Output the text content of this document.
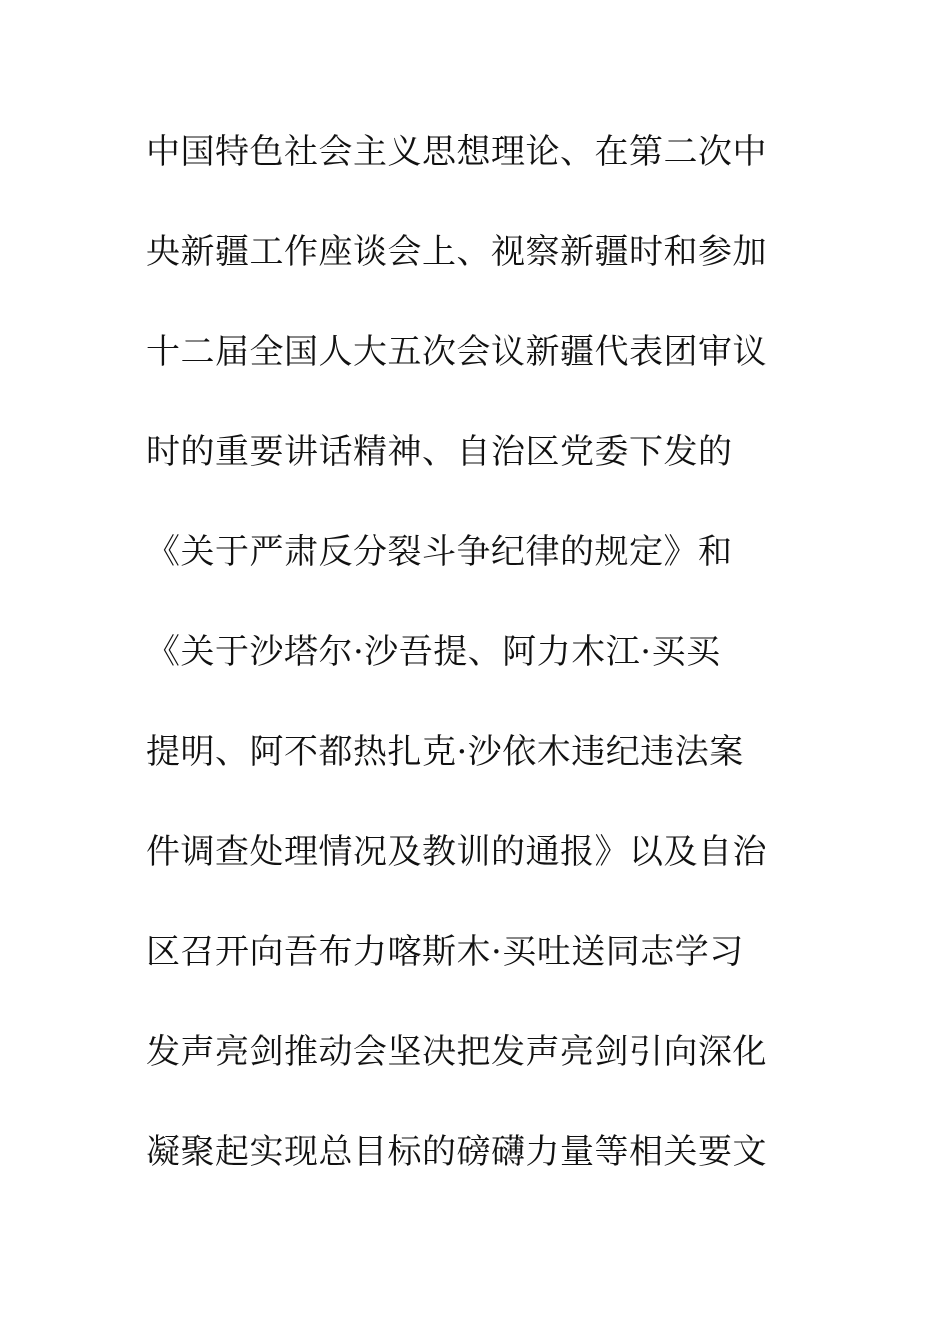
中国特色社会主义思想理论、在第二次中
央新疆工作座谈会上、视察新疆时和参加
十二届全国人大五次会议新疆代表团审议
时的重要讲话精神、自治区党委下发的
《关于严肃反分裂斗争纪律的规定》和
《关于沙塔尔·沙吾提、阿力木江·买买
提明、阿不都热扎克·沙依木违纪违法案
件调查处理情况及教训的通报》以及自治
区召开向吾布力喀斯木·买吐送同志学习
发声亮剑推动会坚决把发声亮剑引向深化
凝聚起实现总目标的磅礴力量等相关要文
